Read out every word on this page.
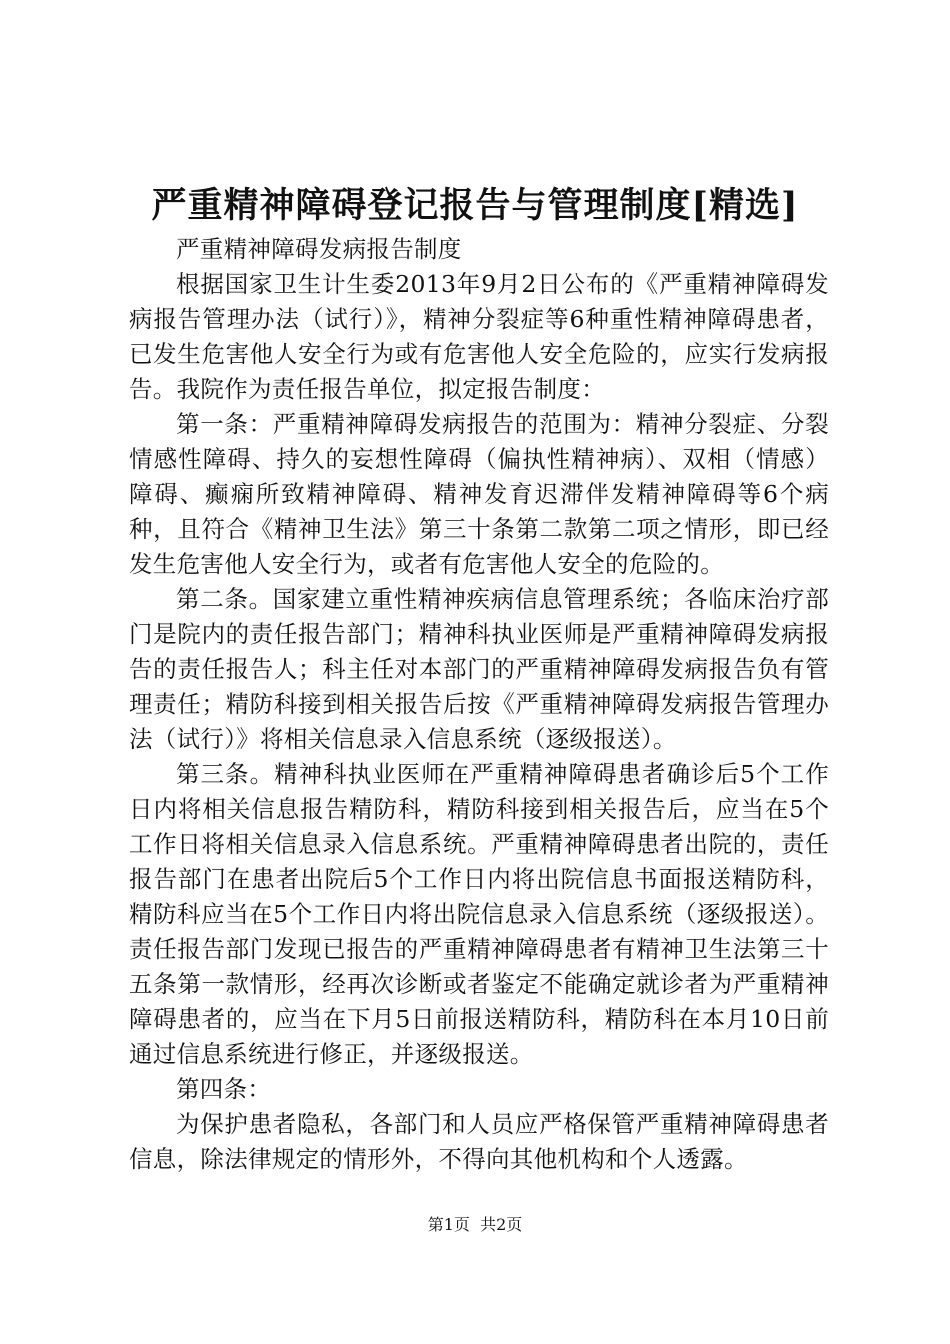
严重精神障碍登记报告与管理制度[精选]

严重精神障碍发病报告制度

根据国家卫生计生委2013年9月2日公布的《严重精神障碍发病报告管理办法（试行）》，精神分裂症等6种重性精神障碍患者，已发生危害他人安全行为或有危害他人安全危险的，应实行发病报告。我院作为责任报告单位，拟定报告制度：

第一条：严重精神障碍发病报告的范围为：精神分裂症、分裂情感性障碍、持久的妄想性障碍（偏执性精神病）、双相（情感）障碍、癫痫所致精神障碍、精神发育迟滞伴发精神障碍等6个病种，且符合《精神卫生法》第三十条第二款第二项之情形，即已经发生危害他人安全行为，或者有危害他人安全的危险的。

第二条。国家建立重性精神疾病信息管理系统；各临床治疗部门是院内的责任报告部门；精神科执业医师是严重精神障碍发病报告的责任报告人；科主任对本部门的严重精神障碍发病报告负有管理责任；精防科接到相关报告后按《严重精神障碍发病报告管理办法（试行）》将相关信息录入信息系统（逐级报送）。

第三条。精神科执业医师在严重精神障碍患者确诊后5个工作日内将相关信息报告精防科，精防科接到相关报告后，应当在5个工作日将相关信息录入信息系统。严重精神障碍患者出院的，责任报告部门在患者出院后5个工作日内将出院信息书面报送精防科，精防科应当在5个工作日内将出院信息录入信息系统（逐级报送）。责任报告部门发现已报告的严重精神障碍患者有精神卫生法第三十五条第一款情形，经再次诊断或者鉴定不能确定就诊者为严重精神障碍患者的，应当在下月5日前报送精防科，精防科在本月10日前通过信息系统进行修正，并逐级报送。

第四条：

为保护患者隐私，各部门和人员应严格保管严重精神障碍患者信息，除法律规定的情形外，不得向其他机构和个人透露。

第1页  共2页
